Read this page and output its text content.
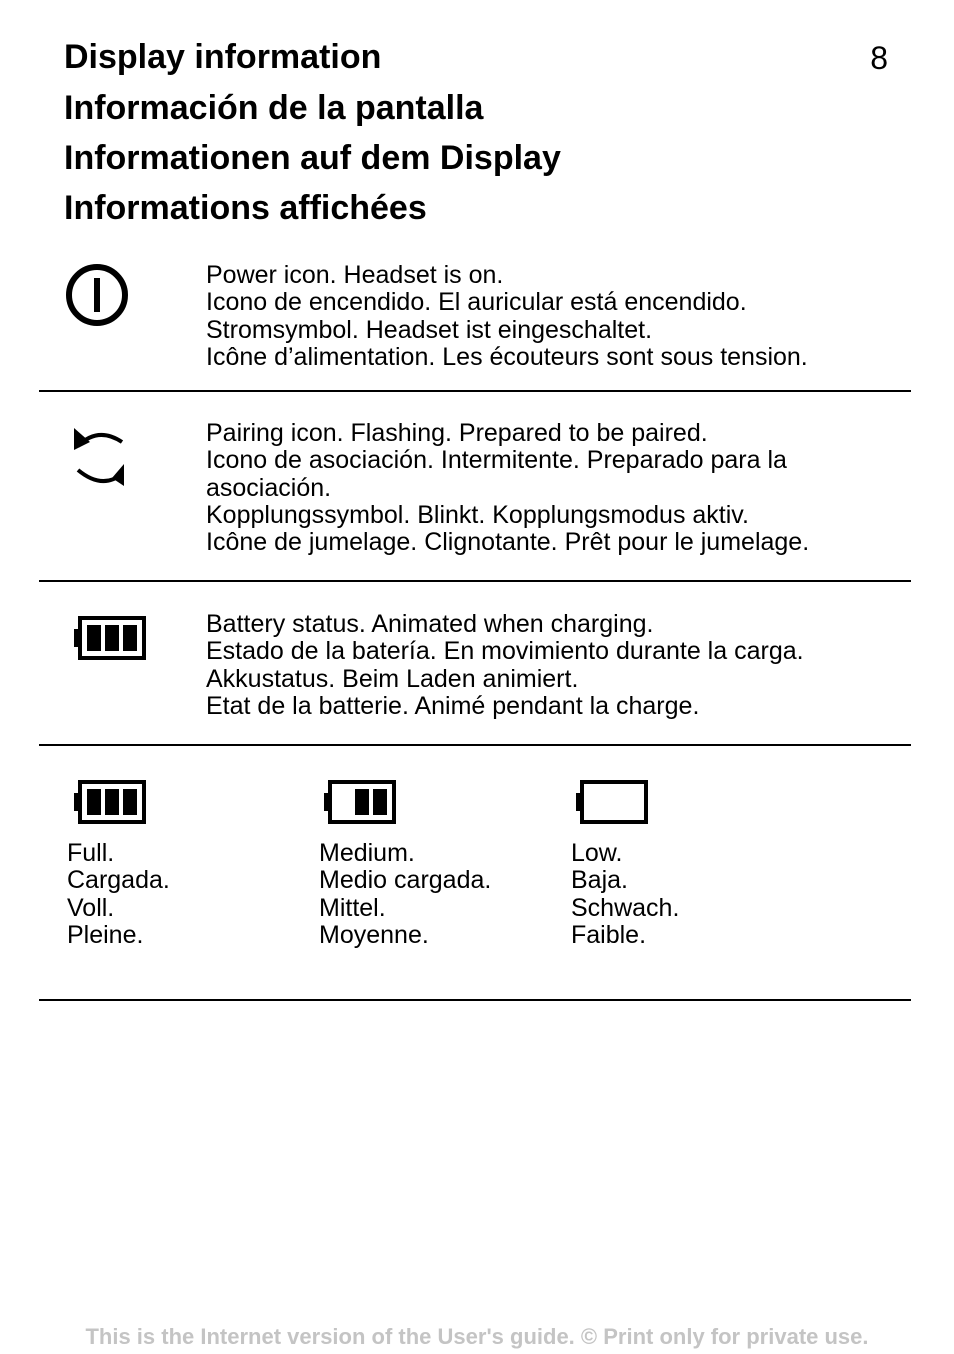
Display information	8
Información de la pantalla
Informationen auf dem Display
Informations affichées
Power icon. Headset is on.
Icono de encendido. El auricular está encendido.
Stromsymbol. Headset ist eingeschaltet.
Icône d’alimentation. Les écouteurs sont sous tension.
Pairing icon. Flashing. Prepared to be paired.
Icono de asociación. Intermitente. Preparado para la asociación.
Kopplungssymbol. Blinkt. Kopplungsmodus aktiv.
Icône de jumelage. Clignotante. Prêt pour le jumelage.
Battery status. Animated when charging.
Estado de la batería. En movimiento durante la carga.
Akkustatus. Beim Laden animiert.
Etat de la batterie. Animé pendant la charge.
Full.
Cargada.
Voll.
Pleine.
Medium.
Medio cargada.
Mittel.
Moyenne.
Low.
Baja.
Schwach.
Faible.
This is the Internet version of the User's guide. © Print only for private use.
